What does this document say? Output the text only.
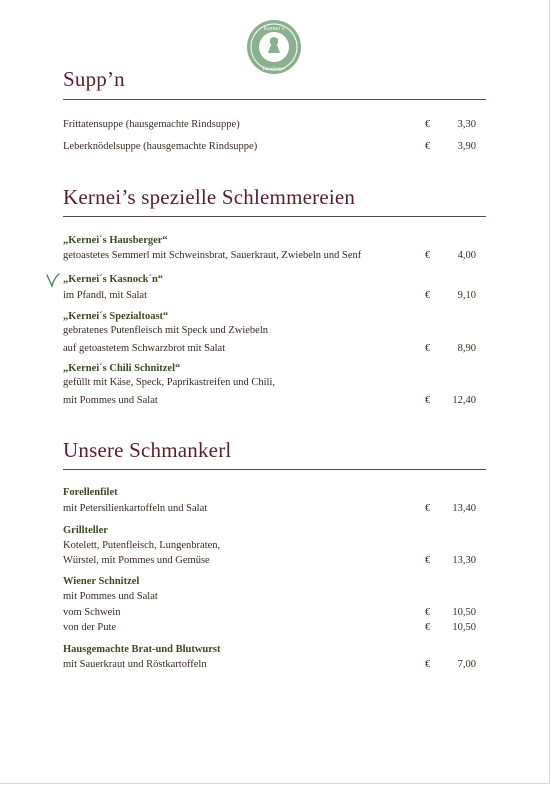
Kernei´s
Hausberger
Supp’n
Frittatensuppe (hausgemachte Rindsuppe)	€	3,30
Leberknödelsuppe (hausgemachte Rindsuppe)	€	3,90
Kernei’s spezielle Schlemmereien
„Kernei´s Hausberger“
getoastetes Semmerl mit Schweinsbrat, Sauerkraut, Zwiebeln und Senf	€	4,00
„Kernei´s Kasnock´n“
im Pfandl, mit Salat	€	9,10
„Kernei´s Spezialtoast“
gebratenes Putenfleisch mit Speck und Zwiebeln
auf getoastetem Schwarzbrot mit Salat	€	8,90
„Kernei´s Chili Schnitzel“
gefüllt mit Käse, Speck, Paprikastreifen und Chili,
mit Pommes und Salat	€ 12,40
Unsere Schmankerl
Forellenfilet
mit Petersilienkartoffeln und Salat	€ 13,40
Grillteller
Kotelett, Putenfleisch, Lungenbraten,
Würstel, mit Pommes und Gemüse	€ 13,30
Wiener Schnitzel
mit Pommes und Salat
vom Schwein	€ 10,50
von der Pute	€ 10,50
Hausgemachte Brat-und Blutwurst
mit Sauerkraut und Röstkartoffeln	€	7,00
